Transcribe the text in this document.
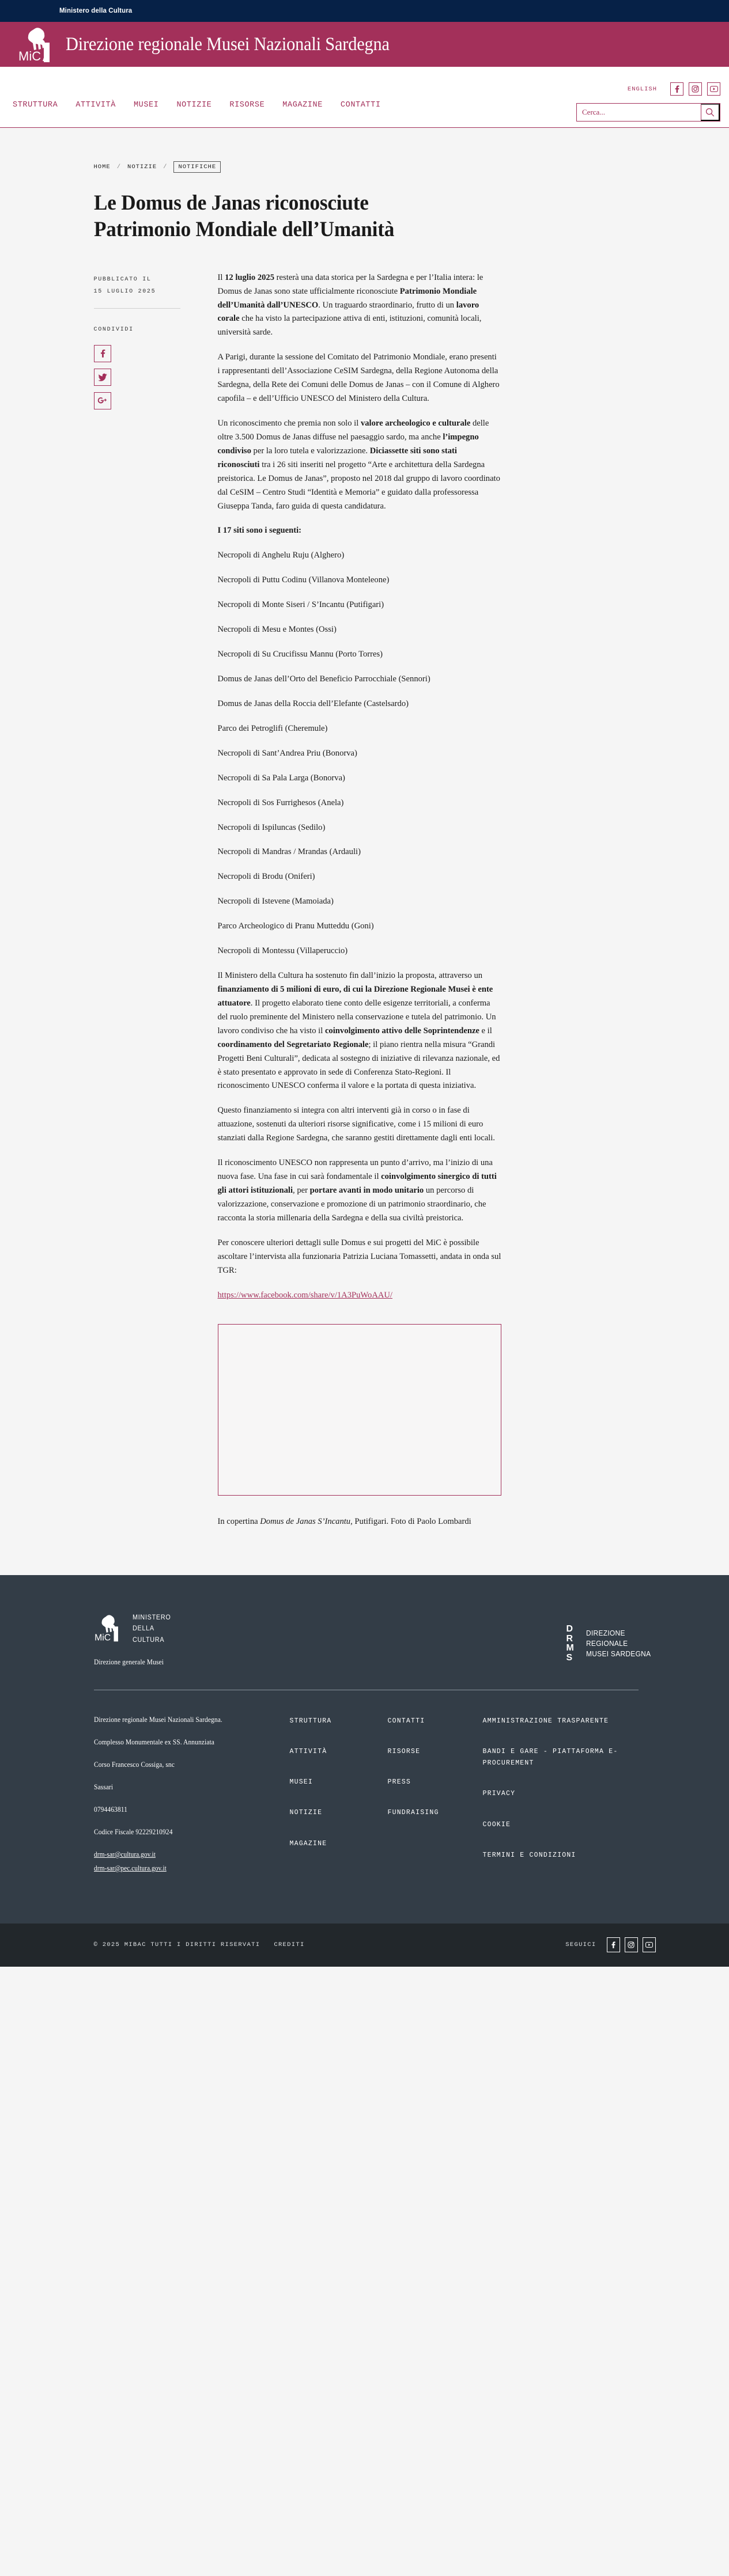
Ministero della Cultura
MiC
Direzione regionale Musei Nazionali Sardegna
STRUTTURA ATTIVITÀ MUSEI NOTIZIE RISORSE MAGAZINE CONTATTI
ENGLISH
Cerca...
HOME / NOTIZIE /	NOTIFICHE
Le Domus de Janas riconosciute Patrimonio Mondiale dell’Umanità
PUBBLICATO IL
15 LUGLIO 2025
CONDIVIDI

Il 12 luglio 2025 resterà una data storica per la Sardegna e per l’Italia intera: le Domus de Janas sono state ufficialmente riconosciute Patrimonio Mondiale dell’Umanità dall’UNESCO. Un traguardo straordinario, frutto di un lavoro corale che ha visto la partecipazione attiva di enti, istituzioni, comunità locali, università sarde.

A Parigi, durante la sessione del Comitato del Patrimonio Mondiale, erano presenti i rappresentanti dell’Associazione CeSIM Sardegna, della Regione Autonoma della Sardegna, della Rete dei Comuni delle Domus de Janas – con il Comune di Alghero capofila – e dell’Ufficio UNESCO del Ministero della Cultura.

Un riconoscimento che premia non solo il valore archeologico e culturale delle oltre 3.500 Domus de Janas diffuse nel paesaggio sardo, ma anche l’impegno condiviso per la loro tutela e valorizzazione. Diciassette siti sono stati riconosciuti tra i 26 siti inseriti nel progetto “Arte e architettura della Sardegna preistorica. Le Domus de Janas”, proposto nel 2018 dal gruppo di lavoro coordinato dal CeSIM – Centro Studi “Identità e Memoria” e guidato dalla professoressa Giuseppa Tanda, faro guida di questa candidatura.

I 17 siti sono i seguenti:

Necropoli di Anghelu Ruju (Alghero)

Necropoli di Puttu Codinu (Villanova Monteleone)

Necropoli di Monte Siseri / S’Incantu (Putifigari)

Necropoli di Mesu e Montes (Ossi)

Necropoli di Su Crucifissu Mannu (Porto Torres)

Domus de Janas dell’Orto del Beneficio Parrocchiale (Sennori)

Domus de Janas della Roccia dell’Elefante (Castelsardo)

Parco dei Petroglifi (Cheremule)

Necropoli di Sant’Andrea Priu (Bonorva)

Necropoli di Sa Pala Larga (Bonorva)

Necropoli di Sos Furrighesos (Anela)

Necropoli di Ispiluncas (Sedilo)

Necropoli di Mandras / Mrandas (Ardauli)

Necropoli di Brodu (Oniferi)

Necropoli di Istevene (Mamoiada)

Parco Archeologico di Pranu Mutteddu (Goni)

Necropoli di Montessu (Villaperuccio)

Il Ministero della Cultura ha sostenuto fin dall’inizio la proposta, attraverso un finanziamento di 5 milioni di euro, di cui la Direzione Regionale Musei è ente attuatore. Il progetto elaborato tiene conto delle esigenze territoriali, a conferma del ruolo preminente del Ministero nella conservazione e tutela del patrimonio. Un lavoro condiviso che ha visto il coinvolgimento attivo delle Soprintendenze e il coordinamento del Segretariato Regionale; il piano rientra nella misura “Grandi Progetti Beni Culturali”, dedicata al sostegno di iniziative di rilevanza nazionale, ed è stato presentato e approvato in sede di Conferenza Stato-Regioni. Il riconoscimento UNESCO conferma il valore e la portata di questa iniziativa.

Questo finanziamento si integra con altri interventi già in corso o in fase di attuazione, sostenuti da ulteriori risorse significative, come i 15 milioni di euro stanziati dalla Regione Sardegna, che saranno gestiti direttamente dagli enti locali.

Il riconoscimento UNESCO non rappresenta un punto d’arrivo, ma l’inizio di una nuova fase. Una fase in cui sarà fondamentale il coinvolgimento sinergico di tutti gli attori istituzionali, per portare avanti in modo unitario un percorso di valorizzazione, conservazione e promozione di un patrimonio straordinario, che racconta la storia millenaria della Sardegna e della sua civiltà preistorica.

Per conoscere ulteriori dettagli sulle Domus e sui progetti del MiC è possibile ascoltare l’intervista alla funzionaria Patrizia Luciana Tomassetti, andata in onda sul TGR:

https://www.facebook.com/share/v/1A3PuWoAAU/

In copertina Domus de Janas S’Incantu, Putifigari. Foto di Paolo Lombardi
MiC
MINISTERO
DELLA
CULTURA
D R
M S
DIREZIONE REGIONALE
MUSEI SARDEGNA
Direzione generale Musei
Direzione regionale Musei Nazionali Sardegna.
Complesso Monumentale ex SS. Annunziata
Corso Francesco Cossiga, snc
Sassari
0794463811
Codice Fiscale 92229210924
drm-sar@cultura.gov.it
drm-sar@pec.cultura.gov.it
STRUTTURA
ATTIVITÀ
MUSEI
NOTIZIE
MAGAZINE
CONTATTI
RISORSE
PRESS
FUNDRAISING
AMMINISTRAZIONE TRASPARENTE
BANDI E GARE - PIATTAFORMA E-PROCUREMENT
PRIVACY
COOKIE
TERMINI E CONDIZIONI
© 2025 MIBAC TUTTI I DIRITTI RISERVATI CREDITI	SEGUICI
